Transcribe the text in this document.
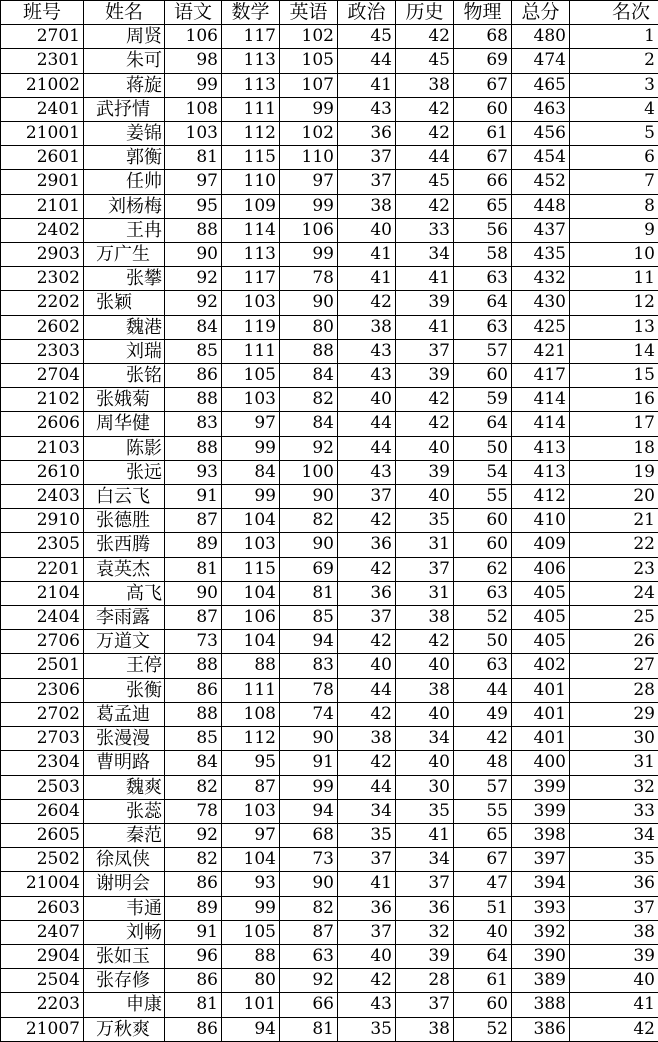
班号	姓名	语文	数学	英语	政治	历史	物理	总分	名次
2701	周贤	106	117	102	45	42	68	480	1
2301	朱可	98	113	105	44	45	69	474	2
21002	蒋旋	99	113	107	41	38	67	465	3
2401	武抒情	108	111	99	43	42	60	463	4
21001	姜锦	103	112	102	36	42	61	456	5
2601	郭衡	81	115	110	37	44	67	454	6
2901	任帅	97	110	97	37	45	66	452	7
2101	刘杨梅	95	109	99	38	42	65	448	8
2402	王冉	88	114	106	40	33	56	437	9
2903	万广生	90	113	99	41	34	58	435	10
2302	张攀	92	117	78	41	41	63	432	11
2202	张颖	92	103	90	42	39	64	430	12
2602	魏港	84	119	80	38	41	63	425	13
2303	刘瑞	85	111	88	43	37	57	421	14
2704	张铭	86	105	84	43	39	60	417	15
2102	张娥菊	88	103	82	40	42	59	414	16
2606	周华健	83	97	84	44	42	64	414	17
2103	陈影	88	99	92	44	40	50	413	18
2610	张远	93	84	100	43	39	54	413	19
2403	白云飞	91	99	90	37	40	55	412	20
2910	张德胜	87	104	82	42	35	60	410	21
2305	张西腾	89	103	90	36	31	60	409	22
2201	袁英杰	81	115	69	42	37	62	406	23
2104	高飞	90	104	81	36	31	63	405	24
2404	李雨露	87	106	85	37	38	52	405	25
2706	万道文	73	104	94	42	42	50	405	26
2501	王停	88	88	83	40	40	63	402	27
2306	张衡	86	111	78	44	38	44	401	28
2702	葛孟迪	88	108	74	42	40	49	401	29
2703	张漫漫	85	112	90	38	34	42	401	30
2304	曹明路	84	95	91	42	40	48	400	31
2503	魏爽	82	87	99	44	30	57	399	32
2604	张蕊	78	103	94	34	35	55	399	33
2605	秦范	92	97	68	35	41	65	398	34
2502	徐凤侠	82	104	73	37	34	67	397	35
21004	谢明会	86	93	90	41	37	47	394	36
2603	韦通	89	99	82	36	36	51	393	37
2407	刘畅	91	105	87	37	32	40	392	38
2904	张如玉	96	88	63	40	39	64	390	39
2504	张存修	86	80	92	42	28	61	389	40
2203	申康	81	101	66	43	37	60	388	41
21007	万秋爽	86	94	81	35	38	52	386	42
